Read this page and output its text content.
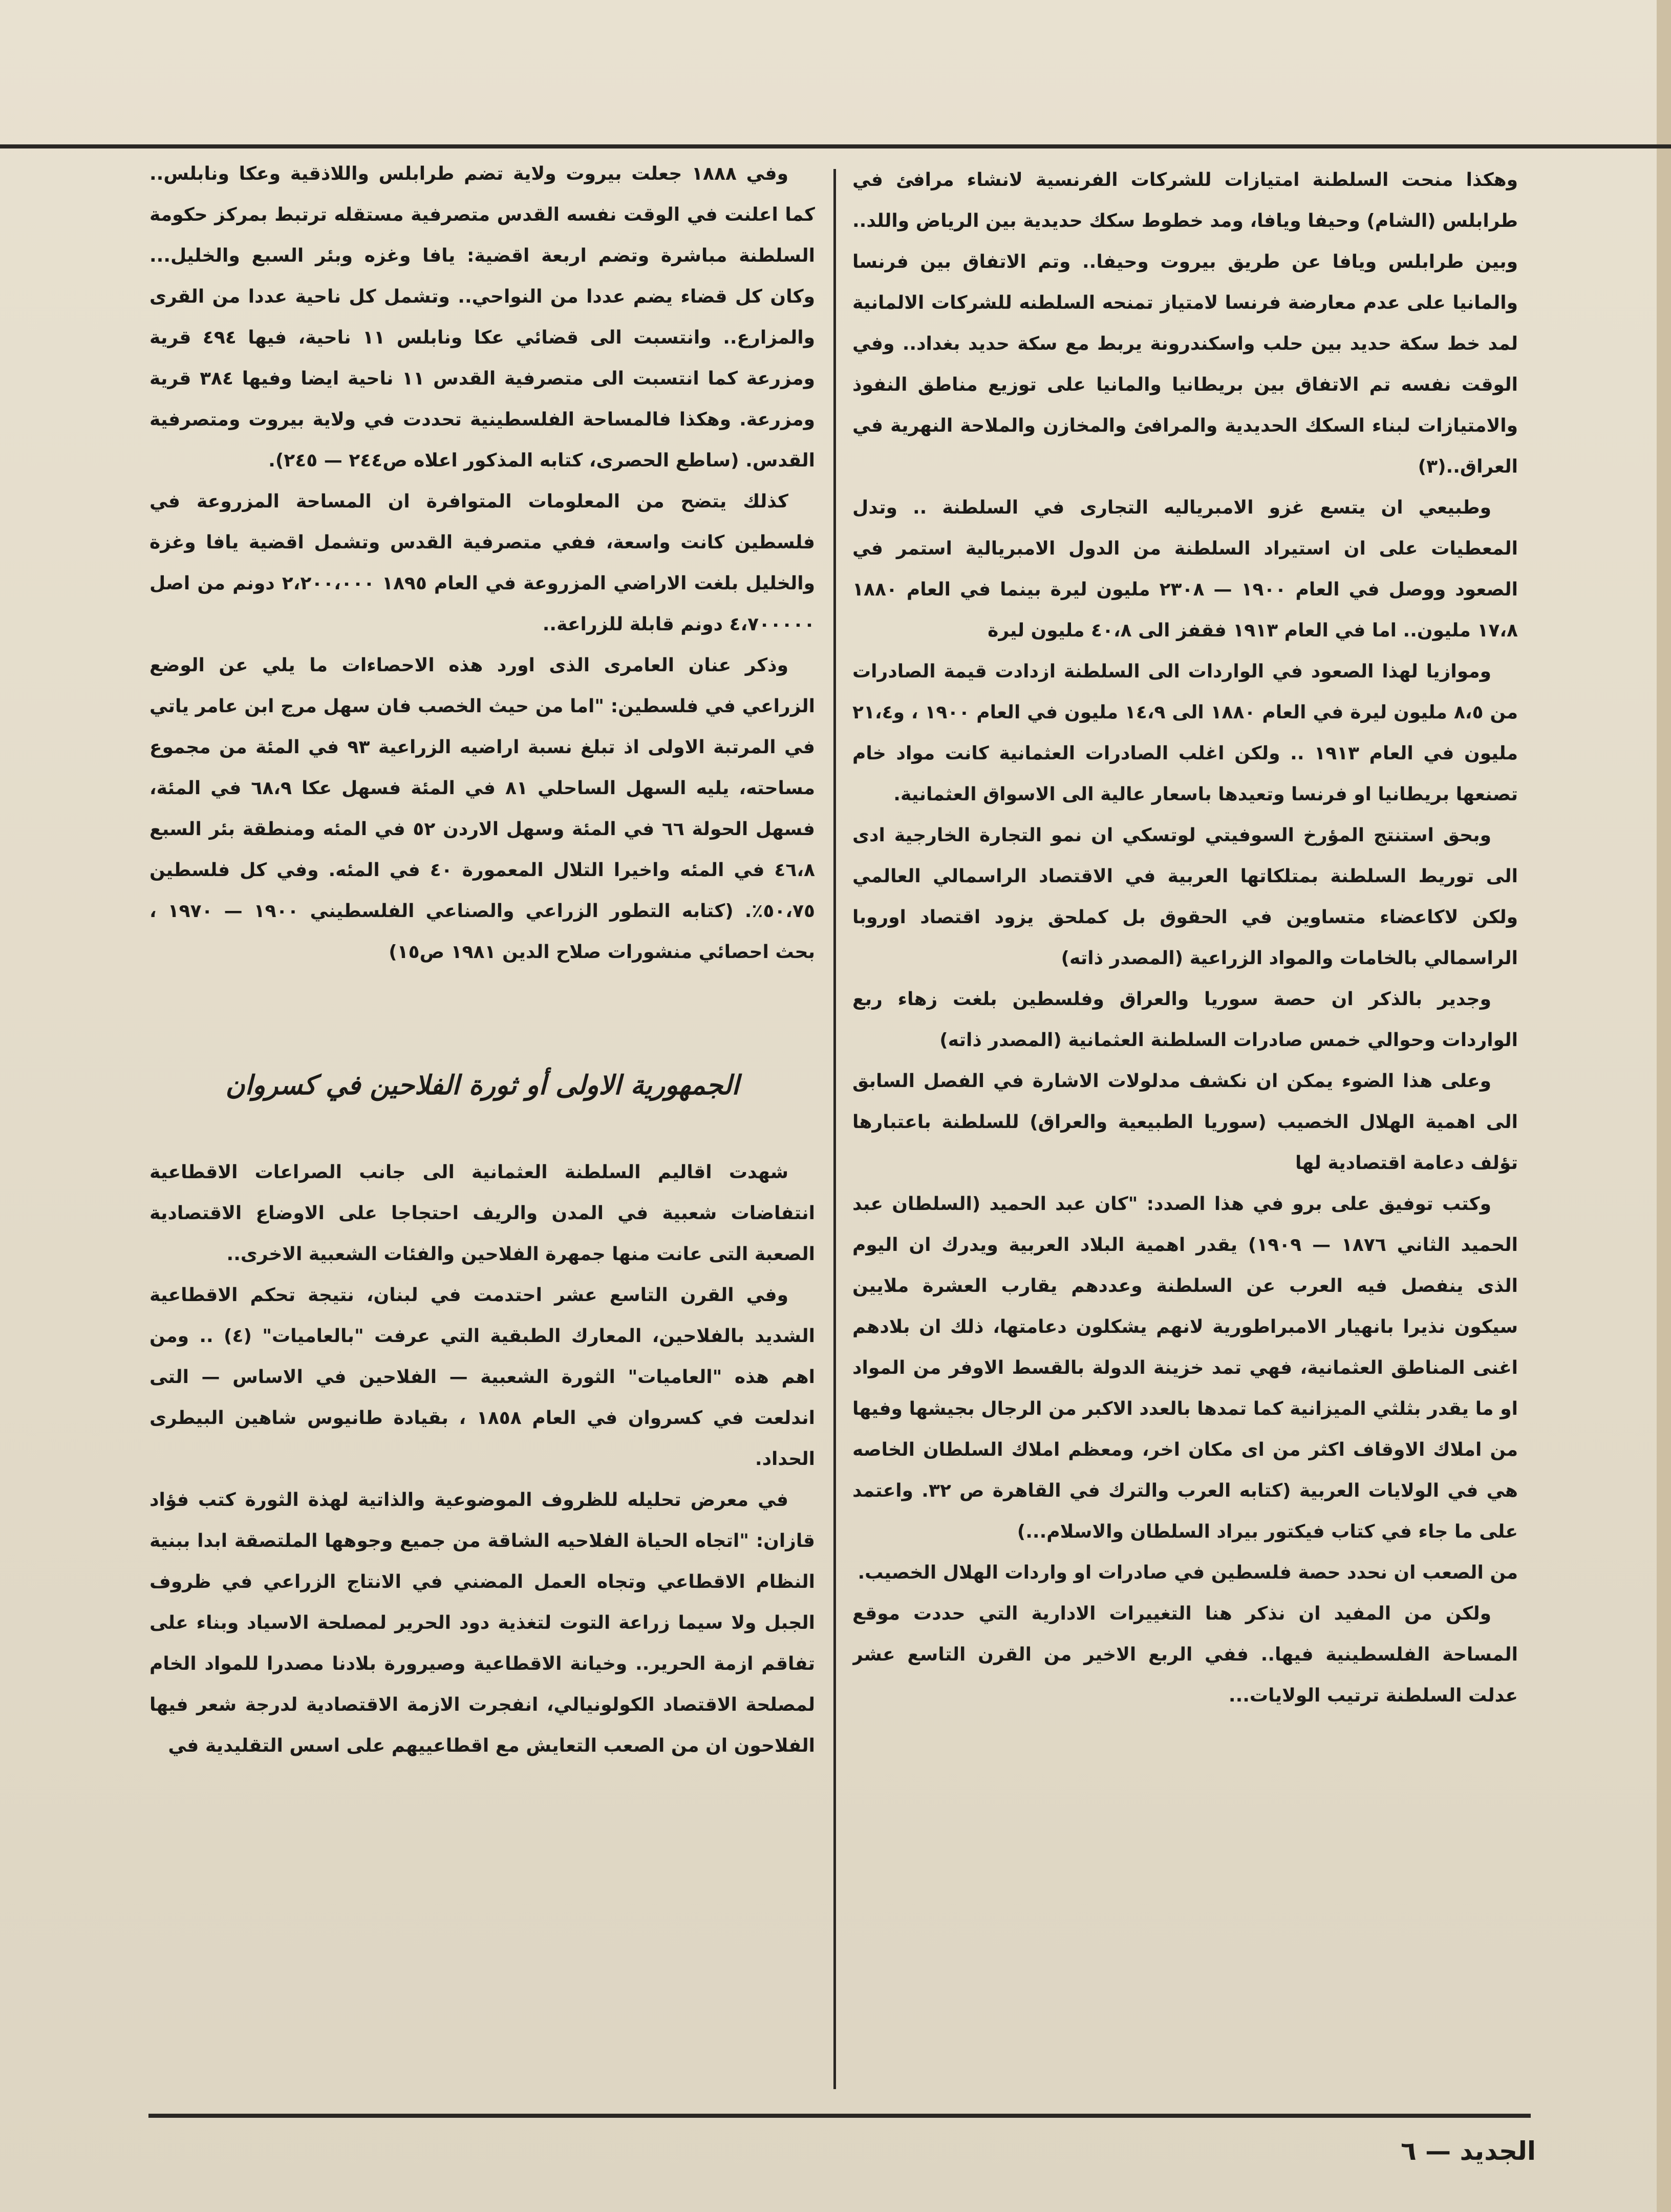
وهكذا منحت السلطنة امتيازات للشركات الفرنسية لانشاء مرافئ في طرابلس (الشام) وحيفا ويافا، ومد خطوط سكك حديدية بين الرياض واللد.. وبين طرابلس ويافا عن طريق بيروت وحيفا.. وتم الاتفاق بين فرنسا والمانيا على عدم معارضة فرنسا لامتياز تمنحه السلطنه للشركات الالمانية لمد خط سكة حديد بين حلب واسكندرونة يربط مع سكة حديد بغداد.. وفي الوقت نفسه تم الاتفاق بين بريطانيا والمانيا على توزيع مناطق النفوذ والامتيازات لبناء السكك الحديدية والمرافئ والمخازن والملاحة النهرية في العراق..(٣)

وطبيعي ان يتسع غزو الامبرياليه التجارى في السلطنة .. وتدل المعطيات على ان استيراد السلطنة من الدول الامبريالية استمر في الصعود ووصل في العام ١٩٠٠ — ٢٣٠٨ مليون ليرة بينما في العام ١٨٨٠ ١٧،٨ مليون.. اما في العام ١٩١٣ فقفز الى ٤٠،٨ مليون ليرة

وموازيا لهذا الصعود في الواردات الى السلطنة ازدادت قيمة الصادرات من ٨،٥ مليون ليرة في العام ١٨٨٠ الى ١٤،٩ مليون في العام ١٩٠٠ ، و٢١،٤ مليون في العام ١٩١٣ .. ولكن اغلب الصادرات العثمانية كانت مواد خام تصنعها بريطانيا او فرنسا وتعيدها باسعار عالية الى الاسواق العثمانية.

وبحق استنتج المؤرخ السوفيتي لوتسكي ان نمو التجارة الخارجية ادى الى توريط السلطنة بمتلكاتها العربية في الاقتصاد الراسمالي العالمي ولكن لاكاعضاء متساوين في الحقوق بل كملحق يزود اقتصاد اوروبا الراسمالي بالخامات والمواد الزراعية (المصدر ذاته)

وجدير بالذكر ان حصة سوريا والعراق وفلسطين بلغت زهاء ربع الواردات وحوالي خمس صادرات السلطنة العثمانية (المصدر ذاته)

وعلى هذا الضوء يمكن ان نكشف مدلولات الاشارة في الفصل السابق الى اهمية الهلال الخصيب (سوريا الطبيعية والعراق) للسلطنة باعتبارها تؤلف دعامة اقتصادية لها

وكتب توفيق على برو في هذا الصدد: "كان عبد الحميد (السلطان عبد الحميد الثاني ١٨٧٦ — ١٩٠٩) يقدر اهمية البلاد العربية ويدرك ان اليوم الذى ينفصل فيه العرب عن السلطنة وعددهم يقارب العشرة ملايين سيكون نذيرا بانهيار الامبراطورية لانهم يشكلون دعامتها، ذلك ان بلادهم اغنى المناطق العثمانية، فهي تمد خزينة الدولة بالقسط الاوفر من المواد او ما يقدر بثلثي الميزانية كما تمدها بالعدد الاكبر من الرجال بجيشها وفيها من املاك الاوقاف اكثر من اى مكان اخر، ومعظم املاك السلطان الخاصه هي في الولايات العربية (كتابه العرب والترك في القاهرة ص ٣٢. واعتمد على ما جاء في كتاب فيكتور بيراد السلطان والاسلام...)

من الصعب ان نحدد حصة فلسطين في صادرات او واردات الهلال الخصيب.

ولكن من المفيد ان نذكر هنا التغييرات الادارية التي حددت موقع المساحة الفلسطينية فيها.. ففي الربع الاخير من القرن التاسع عشر عدلت السلطنة ترتيب الولايات...

وفي ١٨٨٨ جعلت بيروت ولاية تضم طرابلس واللاذقية وعكا ونابلس.. كما اعلنت في الوقت نفسه القدس متصرفية مستقله ترتبط بمركز حكومة السلطنة مباشرة وتضم اربعة اقضية: يافا وغزه وبئر السبع والخليل... وكان كل قضاء يضم عددا من النواحي.. وتشمل كل ناحية عددا من القرى والمزارع.. وانتسبت الى قضائي عكا ونابلس ١١ ناحية، فيها ٤٩٤ قرية ومزرعة كما انتسبت الى متصرفية القدس ١١ ناحية ايضا وفيها ٣٨٤ قرية ومزرعة. وهكذا فالمساحة الفلسطينية تحددت في ولاية بيروت ومتصرفية القدس. (ساطع الحصرى، كتابه المذكور اعلاه ص٢٤٤ — ٢٤٥).

كذلك يتضح من المعلومات المتوافرة ان المساحة المزروعة في فلسطين كانت واسعة، ففي متصرفية القدس وتشمل اقضية يافا وغزة والخليل بلغت الاراضي المزروعة في العام ١٨٩٥ ٢،٢٠٠،٠٠٠ دونم من اصل ٤،٧٠٠٠٠٠ دونم قابلة للزراعة..

وذكر عنان العامرى الذى اورد هذه الاحصاءات ما يلي عن الوضع الزراعي في فلسطين: "اما من حيث الخصب فان سهل مرج ابن عامر ياتي في المرتبة الاولى اذ تبلغ نسبة اراضيه الزراعية ٩٣ في المئة من مجموع مساحته، يليه السهل الساحلي ٨١ في المئة فسهل عكا ٦٨،٩ في المئة، فسهل الحولة ٦٦ في المئة وسهل الاردن ٥٢ في المئه ومنطقة بئر السبع ٤٦،٨ في المئه واخيرا التلال المعمورة ٤٠ في المئه. وفي كل فلسطين ٥٠،٧٥٪. (كتابه التطور الزراعي والصناعي الفلسطيني ١٩٠٠ — ١٩٧٠ ، بحث احصائي منشورات صلاح الدين ١٩٨١ ص١٥)

الجمهورية الاولى أو ثورة الفلاحين في كسروان

شهدت اقاليم السلطنة العثمانية الى جانب الصراعات الاقطاعية انتفاضات شعبية في المدن والريف احتجاجا على الاوضاع الاقتصادية الصعبة التى عانت منها جمهرة الفلاحين والفئات الشعبية الاخرى..

وفي القرن التاسع عشر احتدمت في لبنان، نتيجة تحكم الاقطاعية الشديد بالفلاحين، المعارك الطبقية التي عرفت "بالعاميات" (٤) .. ومن اهم هذه "العاميات" الثورة الشعبية — الفلاحين في الاساس — التى اندلعت في كسروان في العام ١٨٥٨ ، بقيادة طانيوس شاهين البيطرى الحداد.

في معرض تحليله للظروف الموضوعية والذاتية لهذة الثورة كتب فؤاد قازان: "اتجاه الحياة الفلاحيه الشاقة من جميع وجوهها الملتصقة ابدا ببنية النظام الاقطاعي وتجاه العمل المضني في الانتاج الزراعي في ظروف الجبل ولا سيما زراعة التوت لتغذية دود الحرير لمصلحة الاسياد وبناء على تفاقم ازمة الحرير.. وخيانة الاقطاعية وصيرورة بلادنا مصدرا للمواد الخام لمصلحة الاقتصاد الكولونيالي، انفجرت الازمة الاقتصادية لدرجة شعر فيها الفلاحون ان من الصعب التعايش مع اقطاعييهم على اسس التقليدية في

الجديد — ٦
